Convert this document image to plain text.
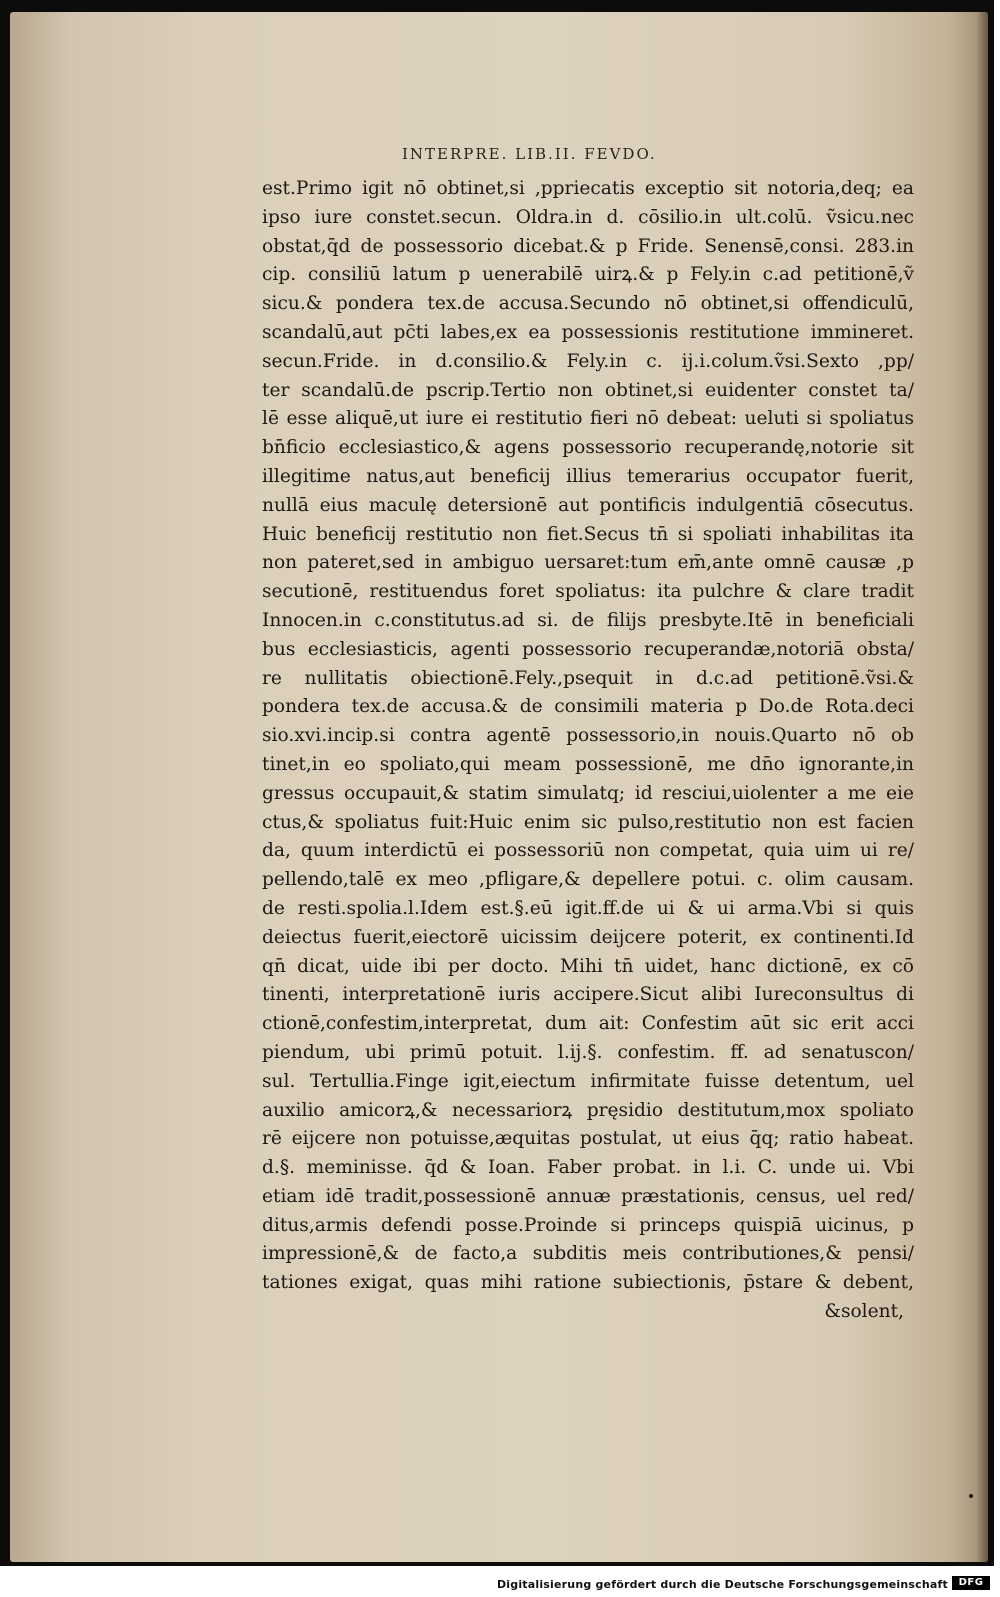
INTERPRE. LIB.II. FEVDO.
est.Primo igit nō obtinet,si ,ppriecatis exceptio sit notoria,deq; ea
ipso iure constet.secun. Oldra.in d. cōsilio.in ult.colū. ṽsicu.nec
obstat,q̄d de possessorio dicebat.& p Fride. Senensē,consi. 283.in
cip. consiliū latum p uenerabilē uirꝝ.& p Fely.in c.ad petitionē,ṽ
sicu.& pondera tex.de accusa.Secundo nō obtinet,si offendiculū,
scandalū,aut pc̄ti labes,ex ea possessionis restitutione immineret.
secun.Fride. in d.consilio.& Fely.in c. ij.i.colum.ṽsi.Sexto ,pp/
ter scandalū.de pscrip.Tertio non obtinet,si euidenter constet ta/
lē esse aliquē,ut iure ei restitutio fieri nō debeat: ueluti si spoliatus
bn̄ficio ecclesiastico,& agens possessorio recuperandę,notorie sit
illegitime natus,aut beneficij illius temerarius occupator fuerit,
nullā eius maculę detersionē aut pontificis indulgentiā cōsecutus.
Huic beneficij restitutio non fiet.Secus tn̄ si spoliati inhabilitas ita
non pateret,sed in ambiguo uersaret:tum em̄,ante omnē causæ ,p
secutionē, restituendus foret spoliatus: ita pulchre & clare tradit
Innocen.in c.constitutus.ad si. de filijs presbyte.Itē in beneficiali
bus ecclesiasticis, agenti possessorio recuperandæ,notoriā obsta/
re nullitatis obiectionē.Fely.,psequit in d.c.ad petitionē.ṽsi.&
pondera tex.de accusa.& de consimili materia p Do.de Rota.deci
sio.xvi.incip.si contra agentē possessorio,in nouis.Quarto nō ob
tinet,in eo spoliato,qui meam possessionē, me dn̄o ignorante,in
gressus occupauit,& statim simulatq; id resciui,uiolenter a me eie
ctus,& spoliatus fuit:Huic enim sic pulso,restitutio non est facien
da, quum interdictū ei possessoriū non competat, quia uim ui re/
pellendo,talē ex meo ,pfligare,& depellere potui. c. olim causam.
de resti.spolia.l.Idem est.§.eū igit.ff.de ui & ui arma.Vbi si quis
deiectus fuerit,eiectorē uicissim deijcere poterit, ex continenti.Id
qn̄ dicat, uide ibi per docto. Mihi tn̄ uidet, hanc dictionē, ex cō
tinenti, interpretationē iuris accipere.Sicut alibi Iureconsultus di
ctionē,confestim,interpretat, dum ait: Confestim aūt sic erit acci
piendum, ubi primū potuit. l.ij.§. confestim. ff. ad senatuscon/
sul. Tertullia.Finge igit,eiectum infirmitate fuisse detentum, uel
auxilio amicorꝝ,& necessariorꝝ pręsidio destitutum,mox spoliato
rē eijcere non potuisse,æquitas postulat, ut eius q̄q; ratio habeat.
d.§. meminisse. q̄d & Ioan. Faber probat. in l.i. C. unde ui. Vbi
etiam idē tradit,possessionē annuæ præstationis, census, uel red/
ditus,armis defendi posse.Proinde si princeps quispiā uicinus, p
impressionē,& de facto,a subditis meis contributiones,& pensi/
tationes exigat, quas mihi ratione subiectionis, p̄stare & debent,
&solent,
Digitalisierung gefördert durch die Deutsche Forschungsgemeinschaft	DFG
